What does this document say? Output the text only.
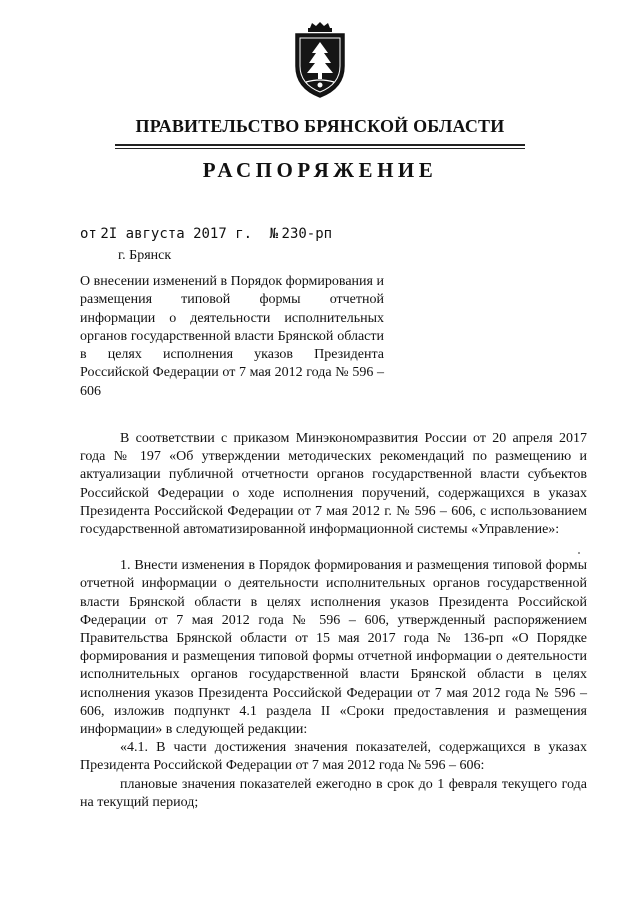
ПРАВИТЕЛЬСТВО БРЯНСКОЙ ОБЛАСТИ
РАСПОРЯЖЕНИЕ
от 2I августа 2017 г. № 230-рп
г. Брянск

О внесении изменений в Порядок формирования и размещения типовой формы отчетной информации о деятельности исполнительных органов государственной власти Брянской области в целях исполнения указов Президента Российской Федерации от 7 мая 2012 года № 596 – 606

В соответствии с приказом Минэкономразвития России от 20 апреля 2017 года № 197 «Об утверждении методических рекомендаций по размещению и актуализации публичной отчетности органов государственной власти субъектов Российской Федерации о ходе исполнения поручений, содержащихся в указах Президента Российской Федерации от 7 мая 2012 г. № 596 – 606, с использованием государственной автоматизированной информационной системы «Управление»:

1. Внести изменения в Порядок формирования и размещения типовой формы отчетной информации о деятельности исполнительных органов государственной власти Брянской области в целях исполнения указов Президента Российской Федерации от 7 мая 2012 года № 596 – 606, утвержденный распоряжением Правительства Брянской области от 15 мая 2017 года № 136-рп «О Порядке формирования и размещения типовой формы отчетной информации о деятельности исполнительных органов государственной власти Брянской области в целях исполнения указов Президента Российской Федерации от 7 мая 2012 года № 596 – 606, изложив подпункт 4.1 раздела II «Сроки предоставления и размещения информации» в следующей редакции:

«4.1. В части достижения значения показателей, содержащихся в указах Президента Российской Федерации от 7 мая 2012 года № 596 – 606:

плановые значения показателей ежегодно в срок до 1 февраля текущего года на текущий период;
